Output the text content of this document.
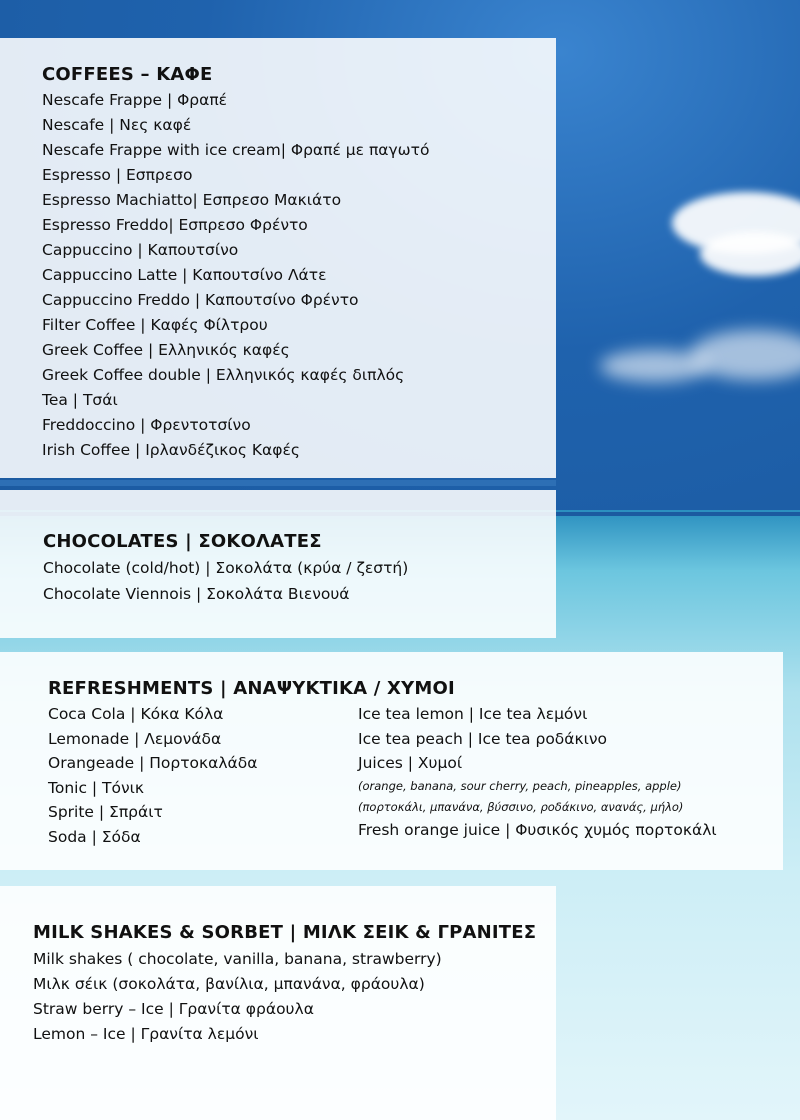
COFFEES – ΚΑΦΕ
Nescafe Frappe | Φραπέ
Nescafe | Νες καφέ
Nescafe Frappe with ice cream| Φραπέ με παγωτό
Espresso | Εσπρεσο
Espresso Machiatto| Εσπρεσο Μακιάτο
Espresso Freddo| Εσπρεσο Φρέντο
Cappuccino | Καπουτσίνο
Cappuccino Latte | Καπουτσίνο Λάτε
Cappuccino Freddo | Καπουτσίνο Φρέντο
Filter Coffee | Καφές Φίλτρου
Greek Coffee | Ελληνικός καφές
Greek Coffee double | Ελληνικός καφές διπλός
Tea | Τσάι
Freddoccino | Φρεντοτσίνο
Irish Coffee | Ιρλανδέζικος Καφές
CHOCOLATES | ΣΟΚΟΛΑΤΕΣ
Chocolate (cold/hot) | Σοκολάτα (κρύα / ζεστή)
Chocolate Viennois | Σοκολάτα Βιενουά
REFRESHMENTS | ΑΝΑΨΥΚΤΙΚΑ / ΧΥΜΟΙ
Coca Cola | Κόκα Κόλα
Lemonade | Λεμονάδα
Orangeade | Πορτοκαλάδα
Tonic | Τόνικ
Sprite | Σπράιτ
Soda | Σόδα
Ice tea lemon | Ice tea λεμόνι
Ice tea peach | Ice tea ροδάκινο
Juices | Χυμοί
(orange, banana, sour cherry, peach, pineapples, apple)
(πορτοκάλι, μπανάνα, βύσσινο, ροδάκινο, ανανάς, μήλο)
Fresh orange juice | Φυσικός χυμός πορτοκάλι
MILK SHAKES & SORBET | ΜΙΛΚ ΣΕΙΚ & ΓΡΑΝΙΤΕΣ
Milk shakes ( chocolate, vanilla, banana, strawberry)
Μιλκ σέικ (σοκολάτα, βανίλια, μπανάνα, φράουλα)
Straw berry – Ice | Γρανίτα φράουλα
Lemon – Ice | Γρανίτα λεμόνι
